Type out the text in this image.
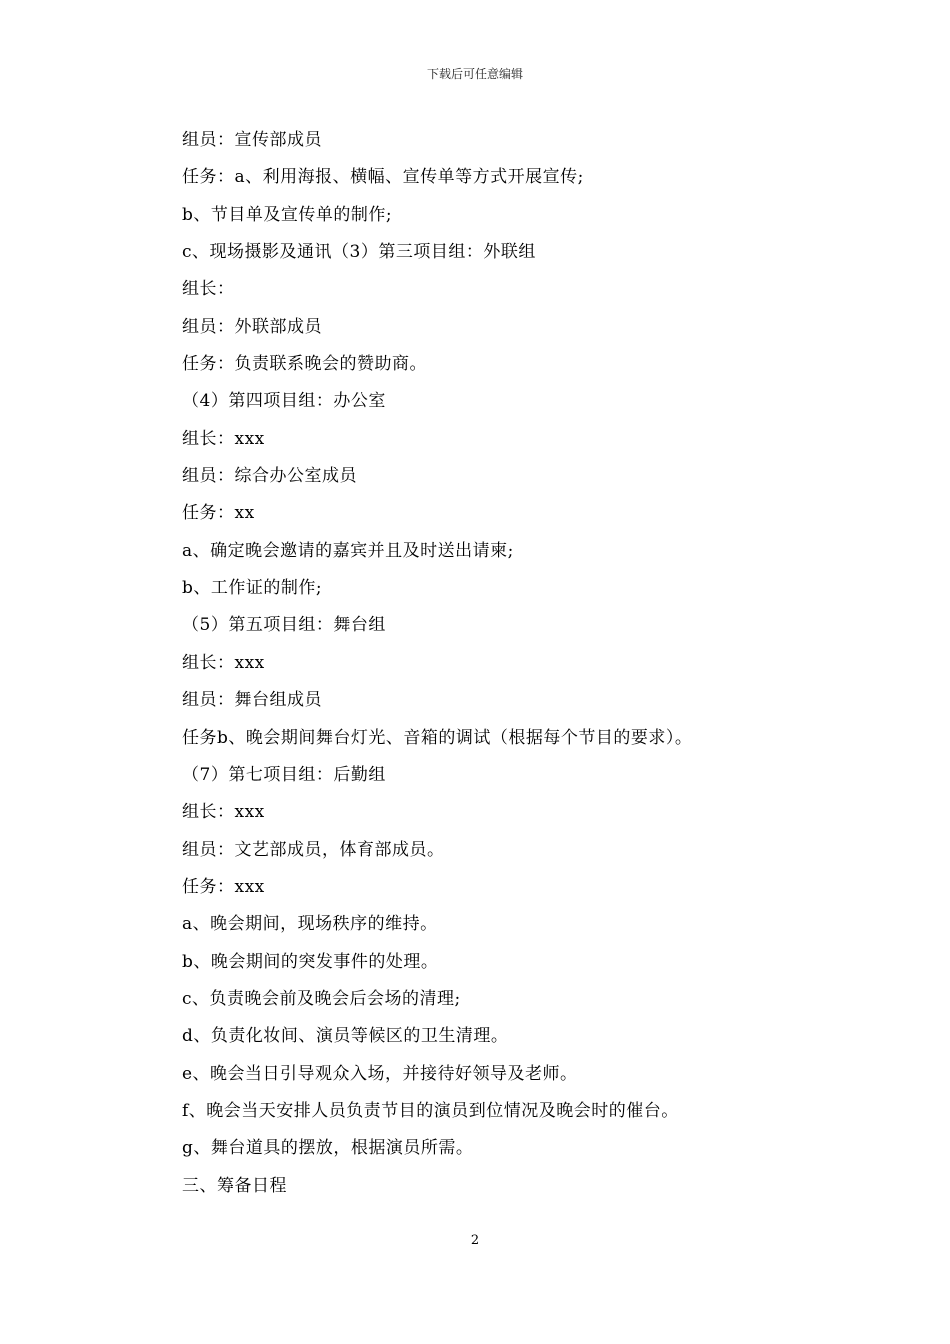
下载后可任意编辑
组员：宣传部成员
任务：a、利用海报、横幅、宣传单等方式开展宣传;
b、节目单及宣传单的制作;
c、现场摄影及通讯（3）第三项目组：外联组
组长：
组员：外联部成员
任务：负责联系晚会的赞助商。
（4）第四项目组：办公室
组长：xxx
组员：综合办公室成员
任务：xx
a、确定晚会邀请的嘉宾并且及时送出请柬;
b、工作证的制作;
（5）第五项目组：舞台组
组长：xxx
组员：舞台组成员
任务b、晚会期间舞台灯光、音箱的调试（根据每个节目的要求）。
（7）第七项目组：后勤组
组长：xxx
组员：文艺部成员，体育部成员。
任务：xxx
a、晚会期间，现场秩序的维持。
b、晚会期间的突发事件的处理。
c、负责晚会前及晚会后会场的清理;
d、负责化妆间、演员等候区的卫生清理。
e、晚会当日引导观众入场，并接待好领导及老师。
f、晚会当天安排人员负责节目的演员到位情况及晚会时的催台。
g、舞台道具的摆放，根据演员所需。
三、筹备日程
2
